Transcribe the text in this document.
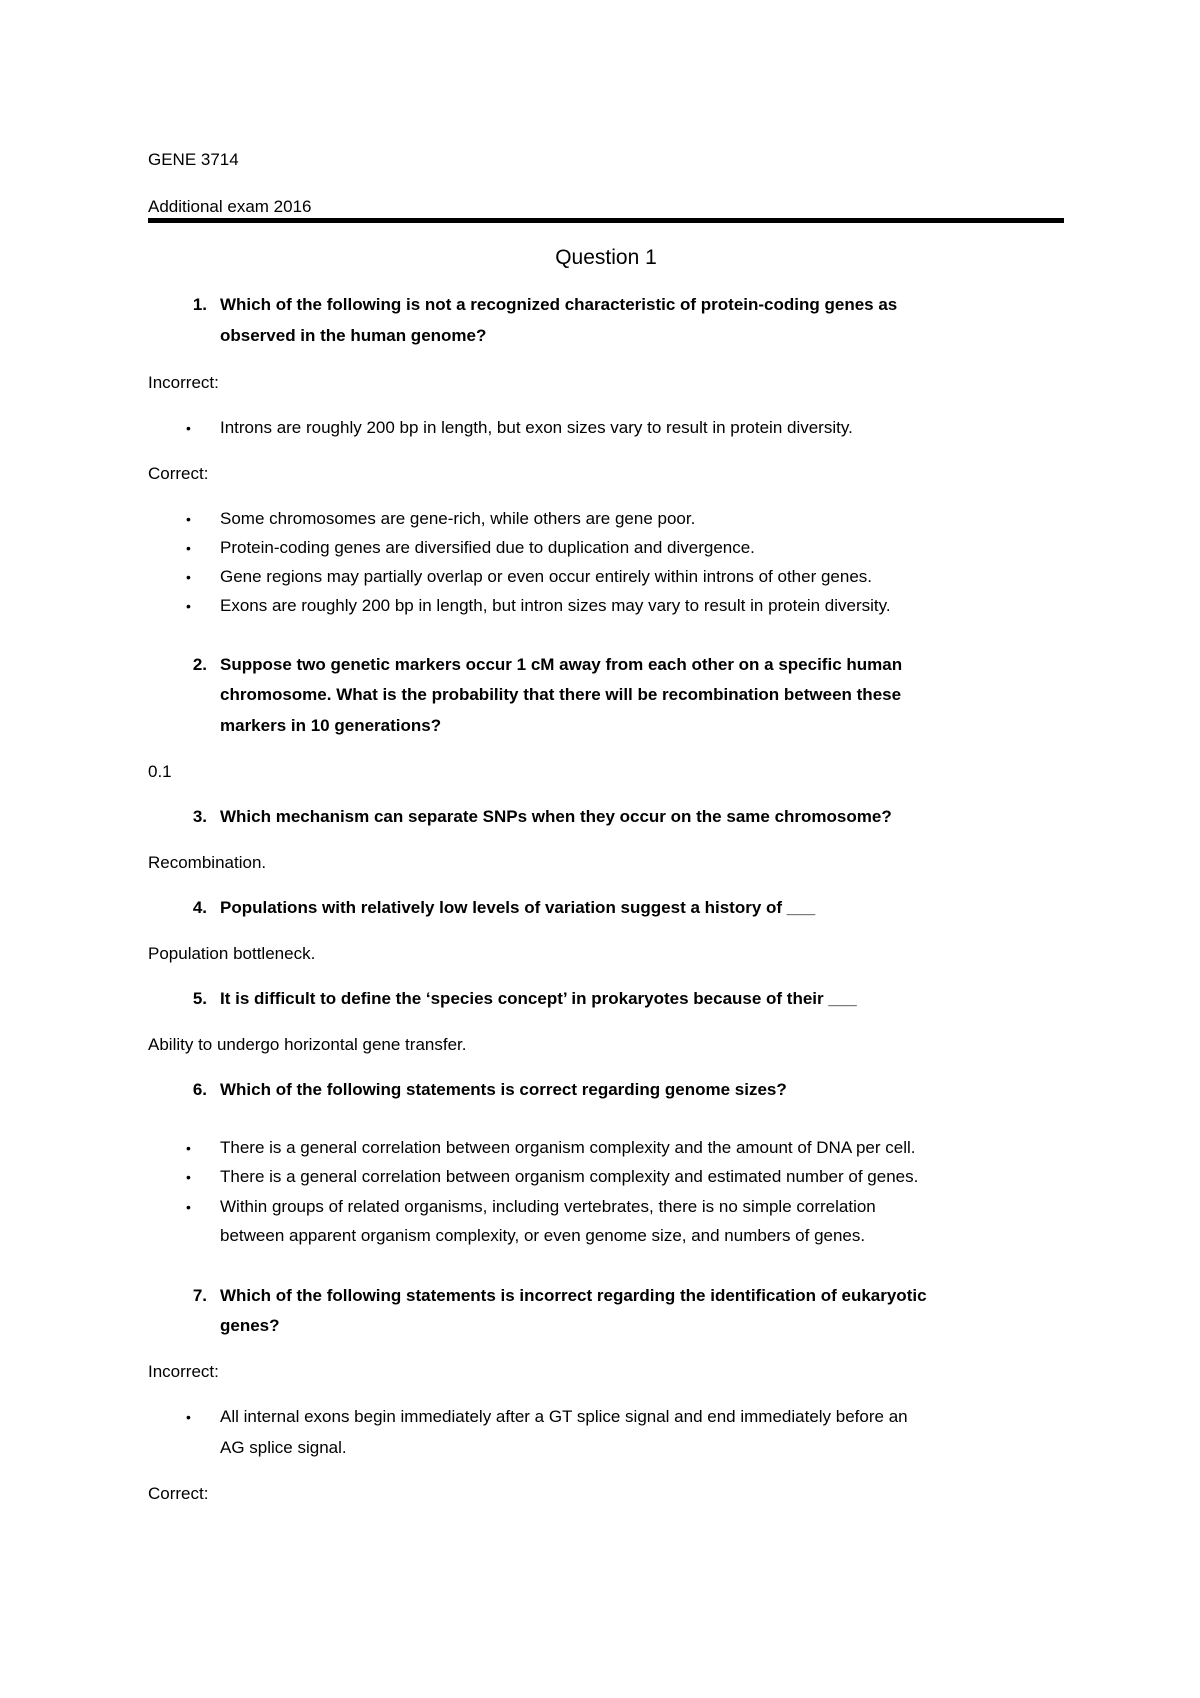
GENE 3714
Additional exam 2016
Question 1
1. Which of the following is not a recognized characteristic of protein-coding genes as
observed in the human genome?
Incorrect:
• Introns are roughly 200 bp in length, but exon sizes vary to result in protein diversity.
Correct:
• Some chromosomes are gene-rich, while others are gene poor.
• Protein-coding genes are diversified due to duplication and divergence.
• Gene regions may partially overlap or even occur entirely within introns of other genes.
• Exons are roughly 200 bp in length, but intron sizes may vary to result in protein diversity.
2. Suppose two genetic markers occur 1 cM away from each other on a specific human
chromosome. What is the probability that there will be recombination between these
markers in 10 generations?
0.1
3. Which mechanism can separate SNPs when they occur on the same chromosome?
Recombination.
4. Populations with relatively low levels of variation suggest a history of ___
Population bottleneck.
5. It is difficult to define the ‘species concept’ in prokaryotes because of their ___
Ability to undergo horizontal gene transfer.
6. Which of the following statements is correct regarding genome sizes?
• There is a general correlation between organism complexity and the amount of DNA per cell.
• There is a general correlation between organism complexity and estimated number of genes.
• Within groups of related organisms, including vertebrates, there is no simple correlation
between apparent organism complexity, or even genome size, and numbers of genes.
7. Which of the following statements is incorrect regarding the identification of eukaryotic
genes?
Incorrect:
• All internal exons begin immediately after a GT splice signal and end immediately before an
AG splice signal.
Correct:
